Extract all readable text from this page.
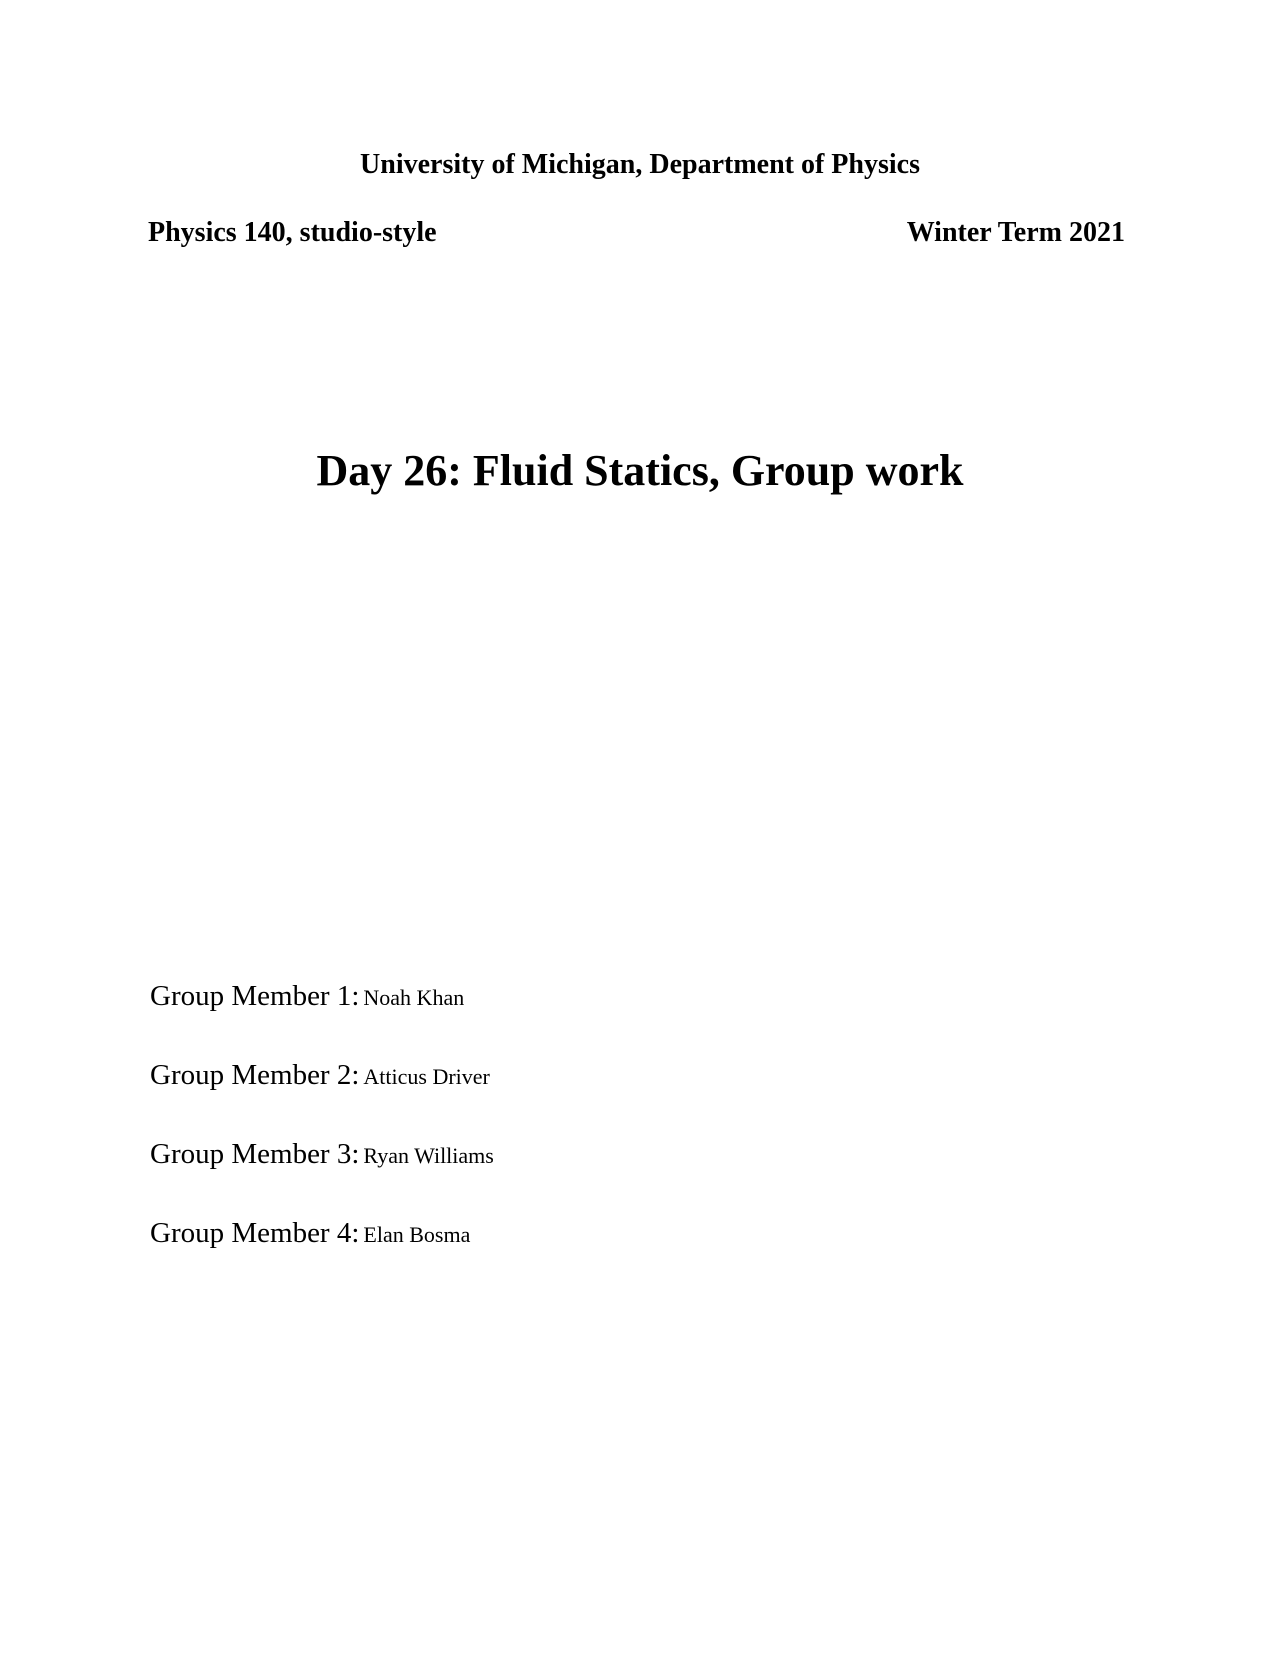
University of Michigan, Department of Physics
Physics 140, studio-style	Winter Term 2021
Day 26: Fluid Statics, Group work
Group Member 1: Noah Khan
Group Member 2: Atticus Driver
Group Member 3: Ryan Williams
Group Member 4: Elan Bosma
